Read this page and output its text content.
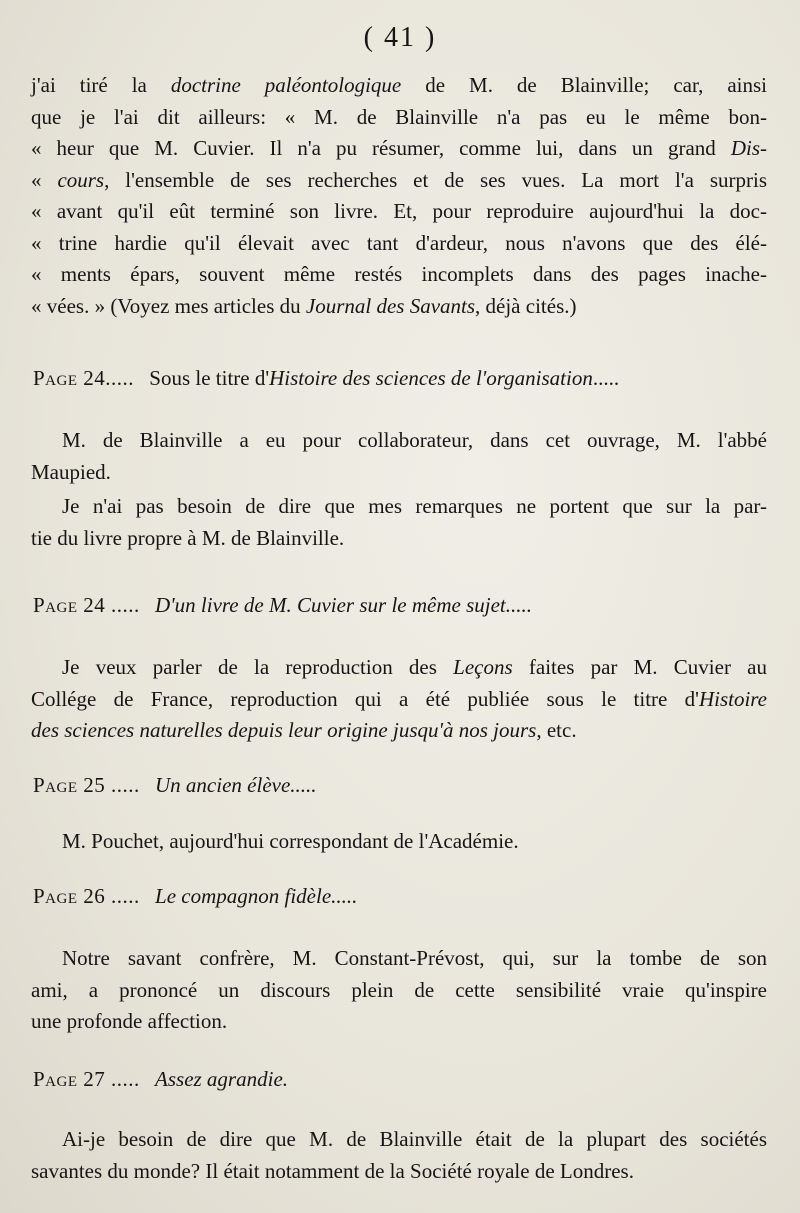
( 41 )
j'ai tiré la doctrine paléontologique de M. de Blainville; car, ainsi
que je l'ai dit ailleurs: « M. de Blainville n'a pas eu le même bon-
« heur que M. Cuvier. Il n'a pu résumer, comme lui, dans un grand Dis-
« cours, l'ensemble de ses recherches et de ses vues. La mort l'a surpris
« avant qu'il eût terminé son livre. Et, pour reproduire aujourd'hui la doc-
« trine hardie qu'il élevait avec tant d'ardeur, nous n'avons que des élé-
« ments épars, souvent même restés incomplets dans des pages inache-
« vées. » (Voyez mes articles du Journal des Savants, déjà cités.)
Page 24..... Sous le titre d'Histoire des sciences de l'organisation.....
M. de Blainville a eu pour collaborateur, dans cet ouvrage, M. l'abbé
Maupied.
Je n'ai pas besoin de dire que mes remarques ne portent que sur la par-
tie du livre propre à M. de Blainville.
Page 24 ..... D'un livre de M. Cuvier sur le même sujet.....
Je veux parler de la reproduction des Leçons faites par M. Cuvier au
Collége de France, reproduction qui a été publiée sous le titre d'Histoire
des sciences naturelles depuis leur origine jusqu'à nos jours, etc.
Page 25 ..... Un ancien élève.....
M. Pouchet, aujourd'hui correspondant de l'Académie.
Page 26 ..... Le compagnon fidèle.....
Notre savant confrère, M. Constant-Prévost, qui, sur la tombe de son
ami, a prononcé un discours plein de cette sensibilité vraie qu'inspire
une profonde affection.
Page 27 ..... Assez agrandie.
Ai-je besoin de dire que M. de Blainville était de la plupart des sociétés
savantes du monde? Il était notamment de la Société royale de Londres.
